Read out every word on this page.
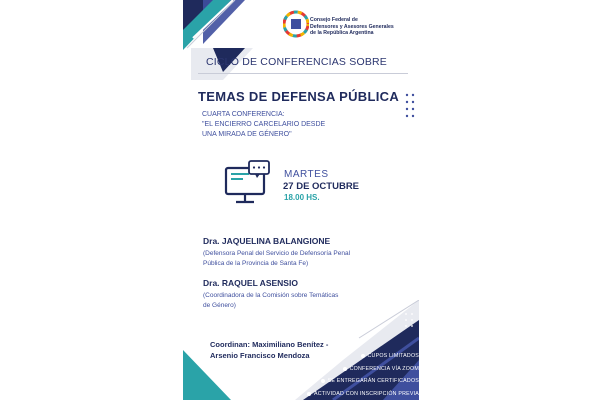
Consejo Federal de
Defensores y Asesores Generales
de la República Argentina
CICLO DE CONFERENCIAS SOBRE
TEMAS DE DEFENSA PÚBLICA
CUARTA CONFERENCIA:
"EL ENCIERRO CARCELARIO DESDE
UNA MIRADA DE GÉNERO"
MARTES
27 DE OCTUBRE
18.00 HS.
Dra. JAQUELINA BALANGIONE
(Defensora Penal del Servicio de Defensoría Penal
Pública de la Provincia de Santa Fe)
Dra. RAQUEL ASENSIO
(Coordinadora de la Comisión sobre Temáticas
de Género)
Coordinan: Maximiliano Benítez -
Arsenio Francisco Mendoza	CUPOS LIMITADOS
CONFERENCIA VÍA ZOOM
SE ENTREGARÁN CERTIFICADOS
ACTIVIDAD CON INSCRIPCIÓN PREVIA
